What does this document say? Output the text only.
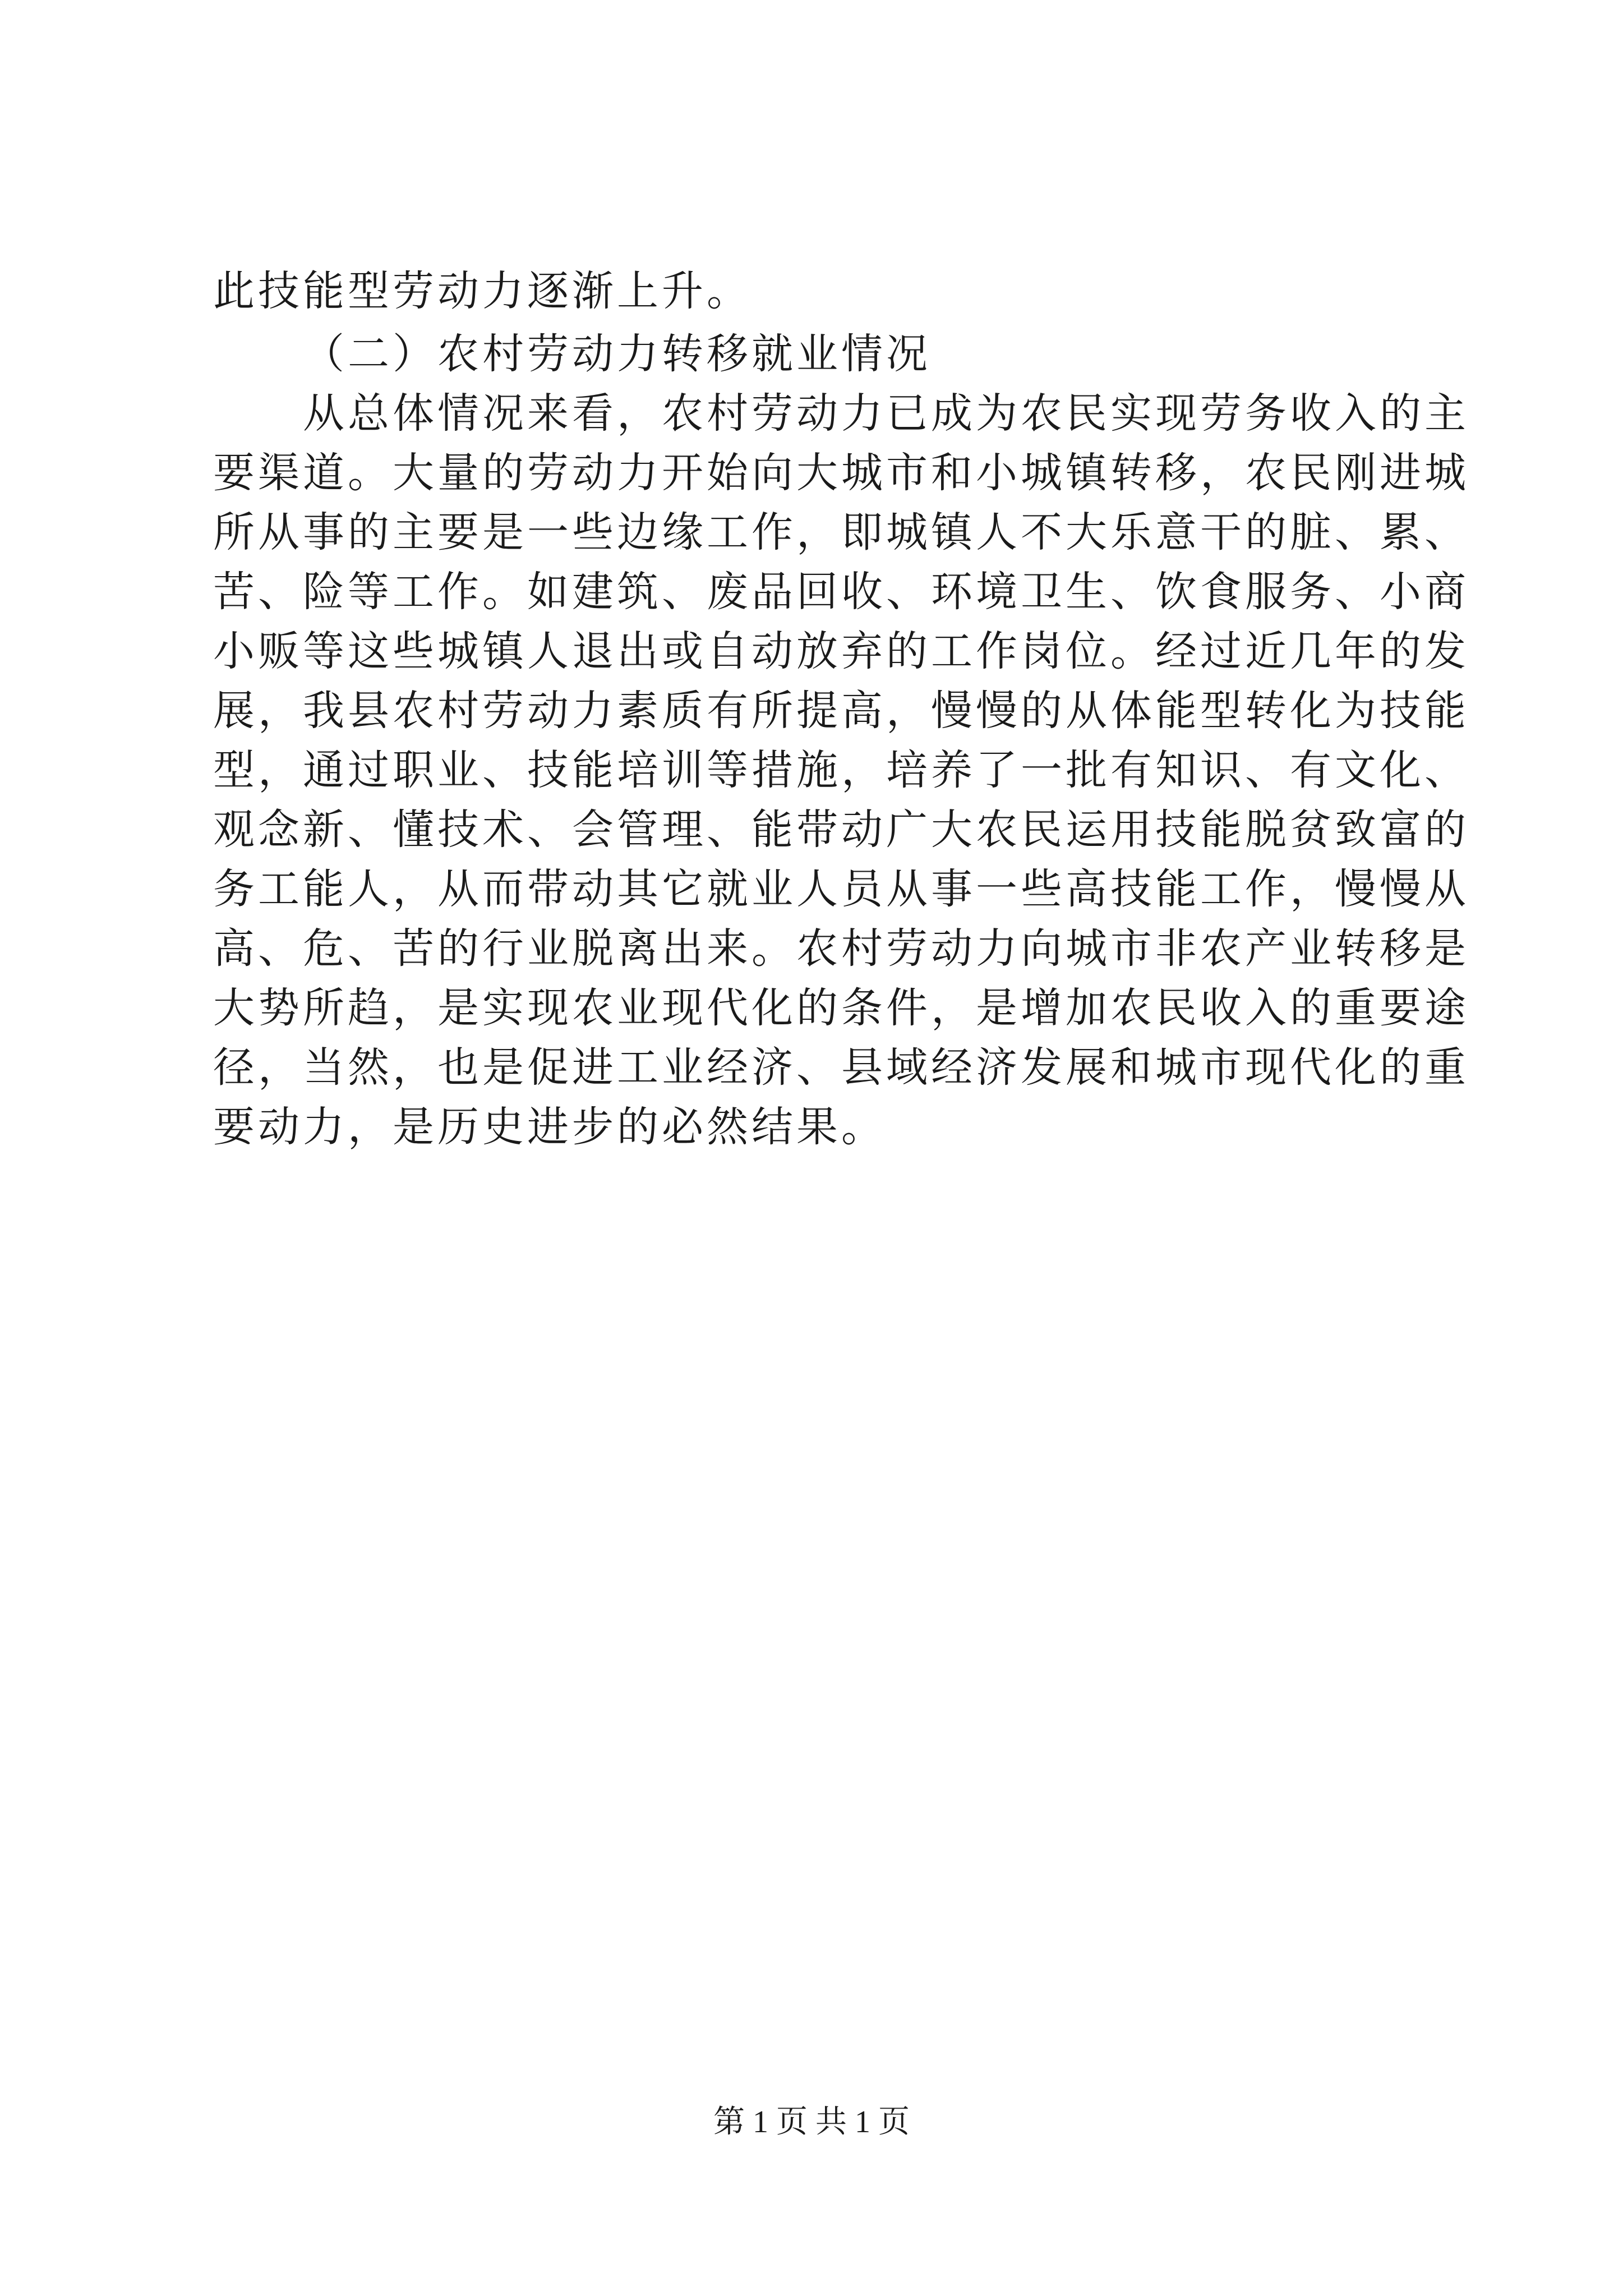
此技能型劳动力逐渐上升。

（二）农村劳动力转移就业情况

从总体情况来看，农村劳动力已成为农民实现劳务收入的主

要渠道。大量的劳动力开始向大城市和小城镇转移，农民刚进城

所从事的主要是一些边缘工作，即城镇人不大乐意干的脏、累、

苦、险等工作。如建筑、废品回收、环境卫生、饮食服务、小商

小贩等这些城镇人退出或自动放弃的工作岗位。经过近几年的发

展，我县农村劳动力素质有所提高，慢慢的从体能型转化为技能

型，通过职业、技能培训等措施，培养了一批有知识、有文化、

观念新、懂技术、会管理、能带动广大农民运用技能脱贫致富的

务工能人，从而带动其它就业人员从事一些高技能工作，慢慢从

高、危、苦的行业脱离出来。农村劳动力向城市非农产业转移是

大势所趋，是实现农业现代化的条件，是增加农民收入的重要途

径，当然，也是促进工业经济、县域经济发展和城市现代化的重

要动力，是历史进步的必然结果。

第 1 页 共 1 页
